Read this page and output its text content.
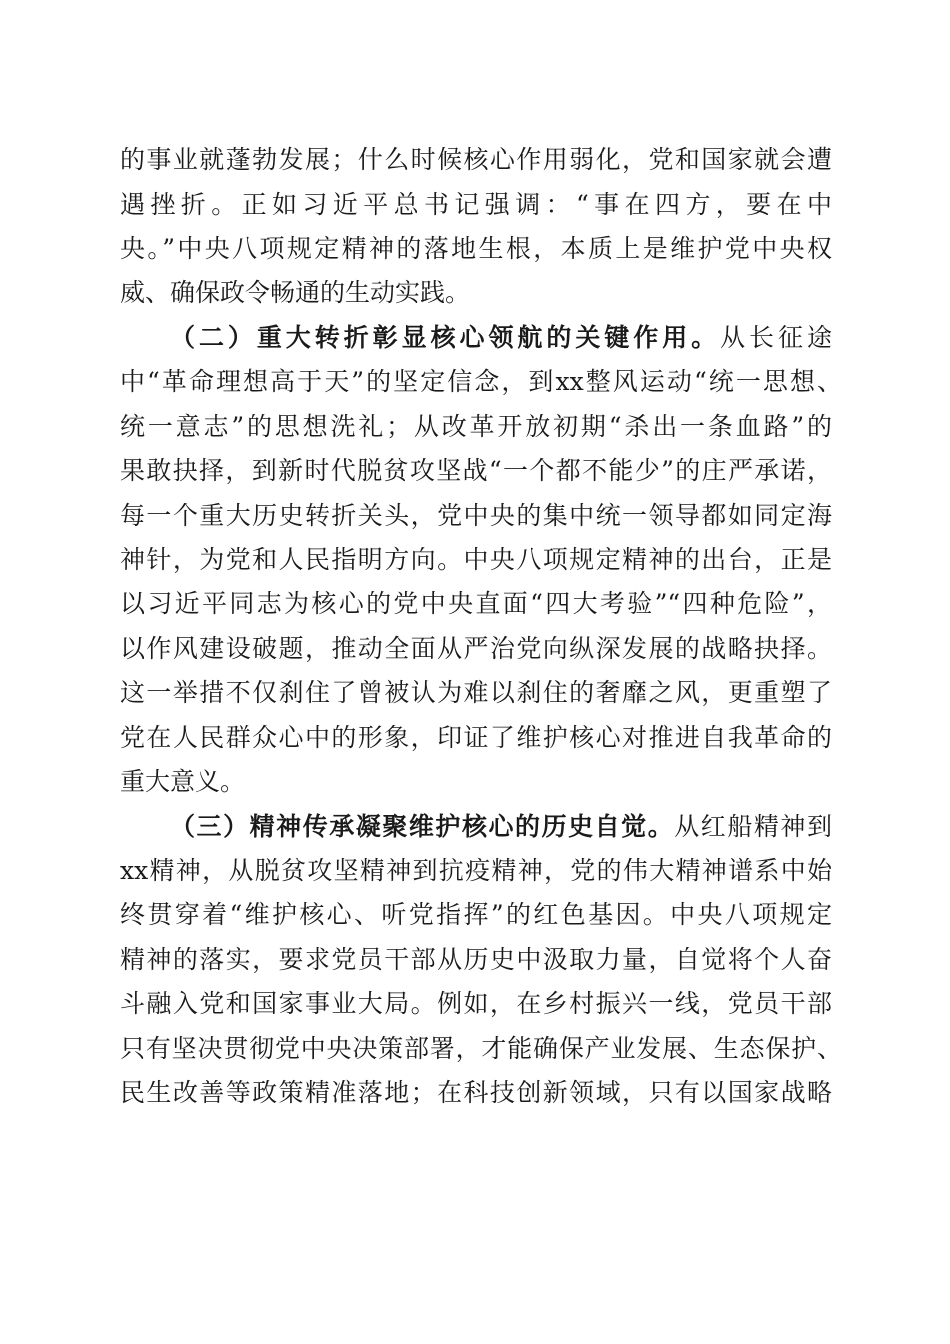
的事业就蓬勃发展；什么时候核心作用弱化，党和国家就会遭
遇挫折。正如习近平总书记强调：“事在四方，要在中
央。”中央八项规定精神的落地生根，本质上是维护党中央权
威、确保政令畅通的生动实践。
（二）重大转折彰显核心领航的关键作用。从长征途
中“革命理想高于天”的坚定信念，到xx整风运动“统一思想、
统一意志”的思想洗礼；从改革开放初期“杀出一条血路”的
果敢抉择，到新时代脱贫攻坚战“一个都不能少”的庄严承诺，
每一个重大历史转折关头，党中央的集中统一领导都如同定海
神针，为党和人民指明方向。中央八项规定精神的出台，正是
以习近平同志为核心的党中央直面“四大考验”“四种危险”，
以作风建设破题，推动全面从严治党向纵深发展的战略抉择。
这一举措不仅刹住了曾被认为难以刹住的奢靡之风，更重塑了
党在人民群众心中的形象，印证了维护核心对推进自我革命的
重大意义。
（三）精神传承凝聚维护核心的历史自觉。从红船精神到
xx精神，从脱贫攻坚精神到抗疫精神，党的伟大精神谱系中始
终贯穿着“维护核心、听党指挥”的红色基因。中央八项规定
精神的落实，要求党员干部从历史中汲取力量，自觉将个人奋
斗融入党和国家事业大局。例如，在乡村振兴一线，党员干部
只有坚决贯彻党中央决策部署，才能确保产业发展、生态保护、
民生改善等政策精准落地；在科技创新领域，只有以国家战略
